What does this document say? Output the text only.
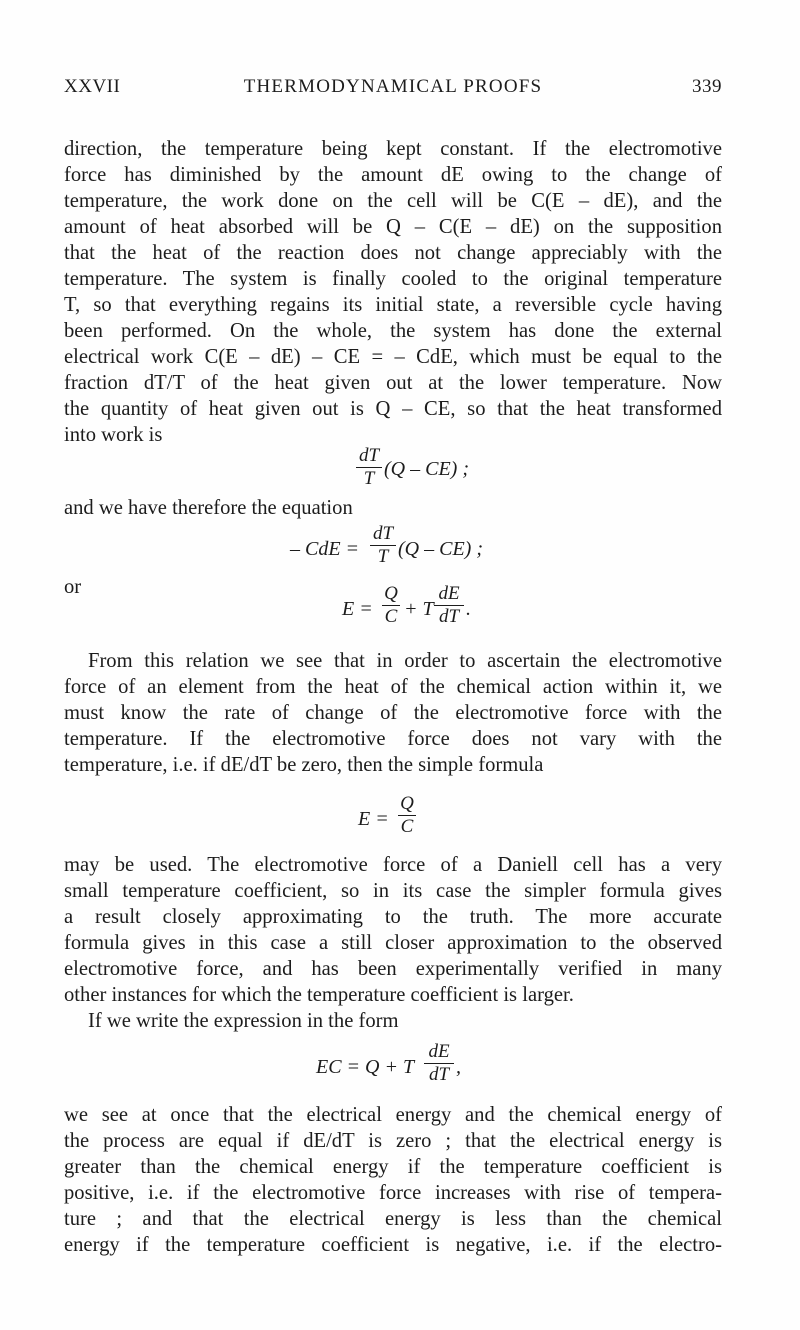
XXVII	THERMODYNAMICAL PROOFS	339
direction, the temperature being kept constant. If the electromotive
force has diminished by the amount dE owing to the change of
temperature, the work done on the cell will be C(E – dE), and the
amount of heat absorbed will be Q – C(E – dE) on the supposition
that the heat of the reaction does not change appreciably with the
temperature. The system is finally cooled to the original temperature
T, so that everything regains its initial state, a reversible cycle having
been performed. On the whole, the system has done the external
electrical work C(E – dE) – CE = – CdE, which must be equal to the
fraction dT/T of the heat given out at the lower temperature. Now
the quantity of heat given out is Q – CE, so that the heat transformed
into work is
dT
T (Q – CE) ;
and we have therefore the equation
– CdE =
dT
T (Q – CE) ;
or
E =
Q
C + T
dE
dT .
From this relation we see that in order to ascertain the electromotive
force of an element from the heat of the chemical action within it, we
must know the rate of change of the electromotive force with the
temperature. If the electromotive force does not vary with the
temperature, i.e. if dE/dT be zero, then the simple formula
E =
Q
C
may be used. The electromotive force of a Daniell cell has a very
small temperature coefficient, so in its case the simpler formula gives
a result closely approximating to the truth. The more accurate
formula gives in this case a still closer approximation to the observed
electromotive force, and has been experimentally verified in many
other instances for which the temperature coefficient is larger.
If we write the expression in the form
EC = Q + T
dE
dT ,
we see at once that the electrical energy and the chemical energy of
the process are equal if dE/dT is zero ; that the electrical energy is
greater than the chemical energy if the temperature coefficient is
positive, i.e. if the electromotive force increases with rise of tempera-
ture ; and that the electrical energy is less than the chemical
energy if the temperature coefficient is negative, i.e. if the electro-
